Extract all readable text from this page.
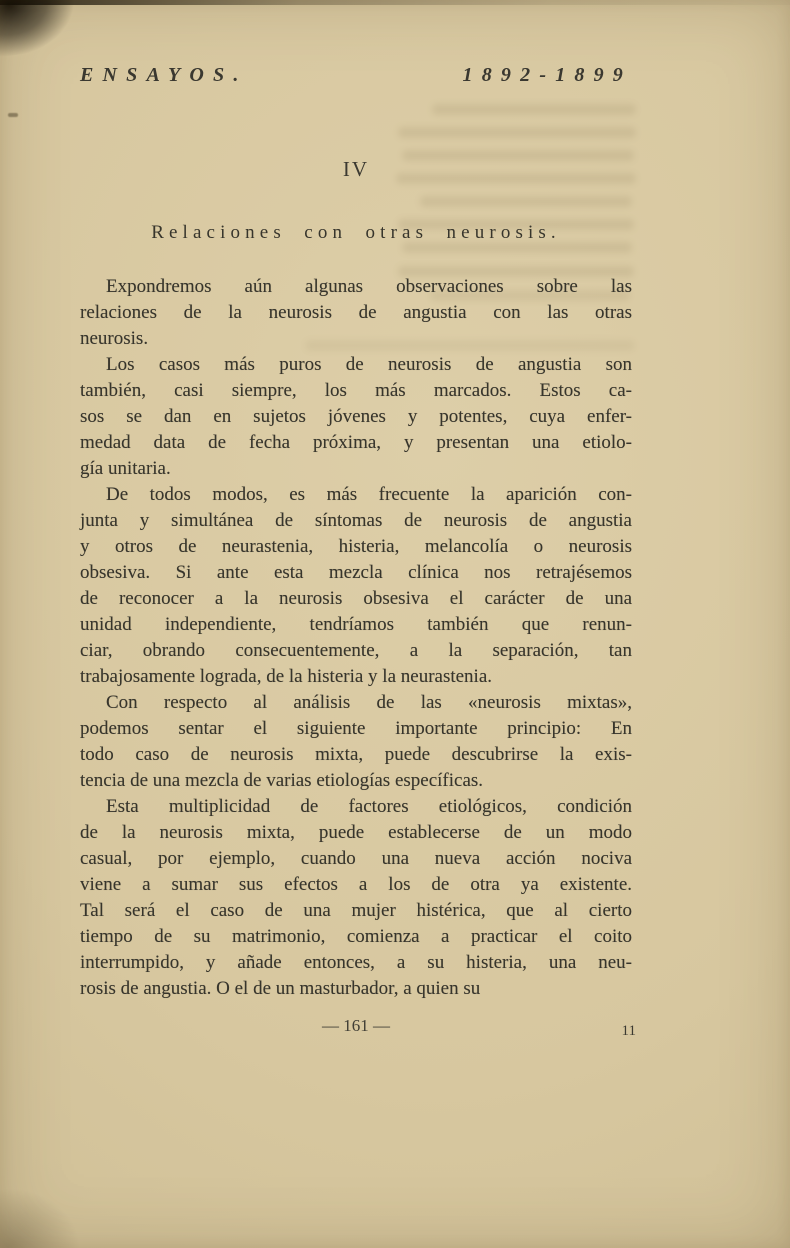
ENSAYOS.	1892-1899
IV
Relaciones con otras neurosis.
Expondremos aún algunas observaciones sobre las
relaciones de la neurosis de angustia con las otras
neurosis.
Los casos más puros de neurosis de angustia son
también, casi siempre, los más marcados. Estos ca-
sos se dan en sujetos jóvenes y potentes, cuya enfer-
medad data de fecha próxima, y presentan una etiolo-
gía unitaria.
De todos modos, es más frecuente la aparición con-
junta y simultánea de síntomas de neurosis de angustia
y otros de neurastenia, histeria, melancolía o neurosis
obsesiva. Si ante esta mezcla clínica nos retrajésemos
de reconocer a la neurosis obsesiva el carácter de una
unidad independiente, tendríamos también que renun-
ciar, obrando consecuentemente, a la separación, tan
trabajosamente lograda, de la histeria y la neurastenia.
Con respecto al análisis de las «neurosis mixtas»,
podemos sentar el siguiente importante principio: En
todo caso de neurosis mixta, puede descubrirse la exis-
tencia de una mezcla de varias etiologías específicas.
Esta multiplicidad de factores etiológicos, condición
de la neurosis mixta, puede establecerse de un modo
casual, por ejemplo, cuando una nueva acción nociva
viene a sumar sus efectos a los de otra ya existente.
Tal será el caso de una mujer histérica, que al cierto
tiempo de su matrimonio, comienza a practicar el coito
interrumpido, y añade entonces, a su histeria, una neu-
rosis de angustia. O el de un masturbador, a quien su
— 161 —	11
